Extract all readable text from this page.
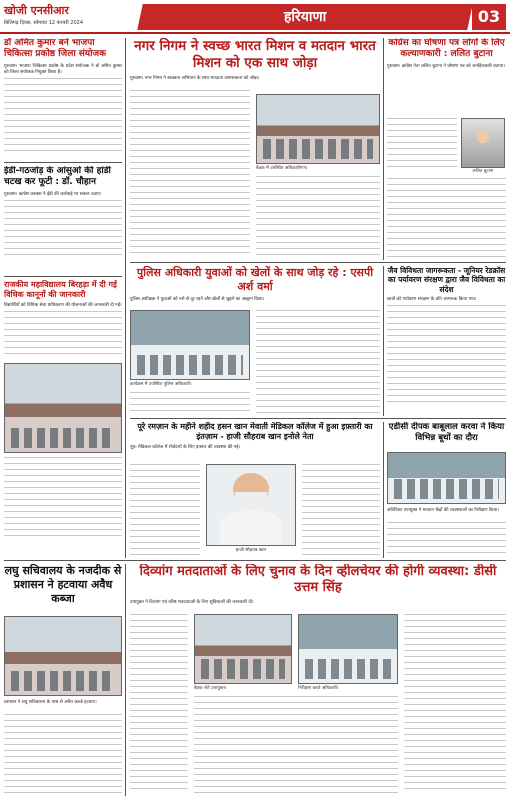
खोजी एनसीआर
बिलिगढ़ दिवस, सोमवार 12 फरवरी 2024	हरियाणा	03
डॉ अमित कुमार बने भाजपा चिकित्सा प्रकोष्ठ जिला संयोजक

गुरुग्राम। भाजपा चिकित्सा प्रकोष्ठ के प्रदेश संयोजक ने डॉ अमित कुमार को जिला संयोजक नियुक्त किया है।

ईडी-गठजोड़ के आंसुओं की हांडी चटख कर फूटी : डॉ. चौहान

गुरुग्राम। कांग्रेस प्रवक्ता ने ईडी की कार्रवाई पर सवाल उठाए।

राजकीय महाविद्यालय बिरहड़ा में दी गई विधिक कानूनों की जानकारी

विद्यार्थियों को विधिक सेवा प्राधिकरण की योजनाओं की जानकारी दी गई।

नगर निगम ने स्वच्छ भारत मिशन व मतदान भारत मिशन को एक साथ जोड़ा

गुरुग्राम। नगर निगम ने स्वच्छता अभियान के साथ मतदाता जागरूकता को जोड़ा।

बैठक में उपस्थित अधिकारीगण।
कांग्रेस का घोषणा पत्र लोगों के लिए कल्याणकारी : ललित बुटाना

गुरुग्राम। कांग्रेस नेता ललित बुटाना ने घोषणा पत्र को जनहितकारी बताया।

ललित बुटाना
पुलिस अधिकारी युवाओं को खेलों के साथ जोड़ रहे : एसपी अर्श वर्मा

पुलिस अधीक्षक ने युवाओं को नशे से दूर रहने और खेलों से जुड़ने का आह्वान किया।

कार्यक्रम में उपस्थित पुलिस अधिकारी।
जैव विविधता जागरूकता - जूनियर रेडक्रॉस का पर्यावरण संरक्षण द्वारा जैव विविधता का संदेश

छात्रों को पर्यावरण संरक्षण के प्रति जागरूक किया गया।

पूरे रमज़ान के महीने शहीद हसन खान मेवाती मेडिकल कॉलेज में हुआ इफ़्तारी का इंतज़ाम - हाजी सौहराब खान इनोले नेता

नूंह। मेडिकल कॉलेज में रोजेदारों के लिए इफ्तार की व्यवस्था की गई।

हाजी सौहराब खान
एडीसी दीपक बाबूलाल करवा ने किया विभिन्न बूथों का दौरा

अतिरिक्त उपायुक्त ने मतदान केंद्रों की व्यवस्थाओं का निरीक्षण किया।

लघु सचिवालय के नजदीक से प्रशासन ने हटवाया अवैध कब्जा

प्रशासन ने लघु सचिवालय के पास से अवैध कब्जे हटवाए।

दिव्यांग मतदाताओं के लिए चुनाव के दिन व्हीलचेयर की होगी व्यवस्था: डीसी उत्तम सिंह

उपायुक्त ने दिव्यांग एवं वरिष्ठ मतदाताओं के लिए सुविधाओं की जानकारी दी।

बैठक लेते उपायुक्त।	निरीक्षण करते अधिकारी।
